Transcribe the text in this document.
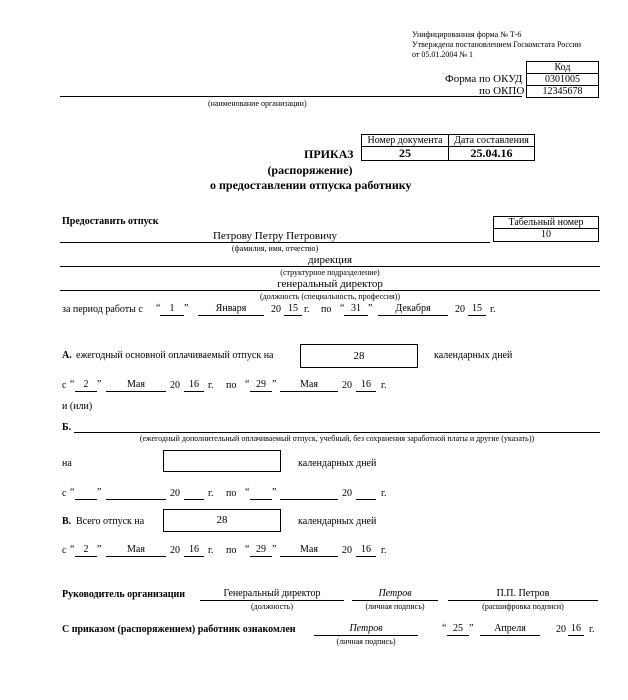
Унифицированная форма № Т-6
Утверждена постановлением Госкомстата России
от 05.01.2004 № 1
Код
Форма по ОКУД	0301005
по ОКПО	12345678
(наименование организации)
Номер документа	Дата составления
25	25.04.16
ПРИКАЗ
(распоряжение)
о предоставлении отпуска работнику
Предоставить отпуск	Табельный номер
10
Петрову Петру Петровичу
(фамилия, имя, отчество)
дирекция
(структурное подразделение)
генеральный директор
(должность (специальность, профессия))
за период работы с “ 1 ”	Января	20 15 г. по “ 31 ”	Декабря	20 15 г.
А. ежегодный основной оплачиваемый отпуск на	28	календарных дней
с “ 2 ”	Мая	20 16 г. по “ 29 ”	Мая	20 16	г.
и (или)
Б.
(ежегодный дополнительный оплачиваемый отпуск, учебный, без сохранения заработной платы и другие (указать))
на	календарных дней
с “ ”	20	г. по “ ”	20	г.
В. Всего отпуск на	28	календарных дней
с “ 2 ”	Мая	20 16 г. по “ 29 ”	Мая	20 16	г.
Руководитель организации	Генеральный директор
(должность)
Петров
(личная подпись)
П.П. Петров
(расшифровка подписи)
С приказом (распоряжением) работник ознакомлен	Петров
(личная подпись)
“ 25 ”	Апреля	20 16 г.
